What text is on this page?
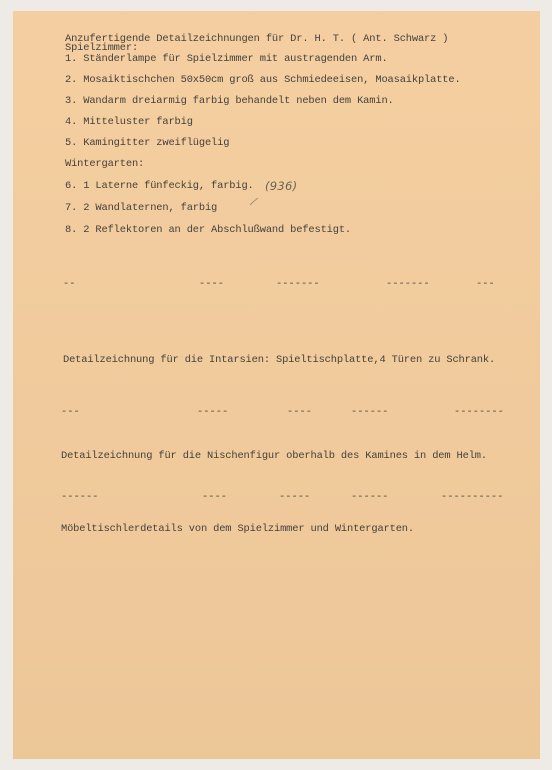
Anzufertigende Detailzeichnungen für Dr. H. T. ( Ant. Schwarz )
Spielzimmer:
1. Ständerlampe für Spielzimmer mit austragenden Arm.
2. Mosaiktischchen 50x50cm groß aus Schmiedeeisen, Moasaikplatte.
3. Wandarm dreiarmig farbig behandelt neben dem Kamin.
4. Mitteluster farbig
5. Kamingitter zweiflügelig
Wintergarten:
6. 1 Laterne fünfeckig, farbig. (936)
7. 2 Wandlaternen, farbig
8. 2 Reflektoren an der Abschlußwand befestigt.
--	----	-------	-------	---
Detailzeichnung für die Intarsien: Spieltischplatte,4 Türen zu Schrank.
---	-----	----	------	--------
Detailzeichnung für die Nischenfigur oberhalb des Kamines in dem Helm.
------	----	-----	------	----------
Möbeltischlerdetails von dem Spielzimmer und Wintergarten.
